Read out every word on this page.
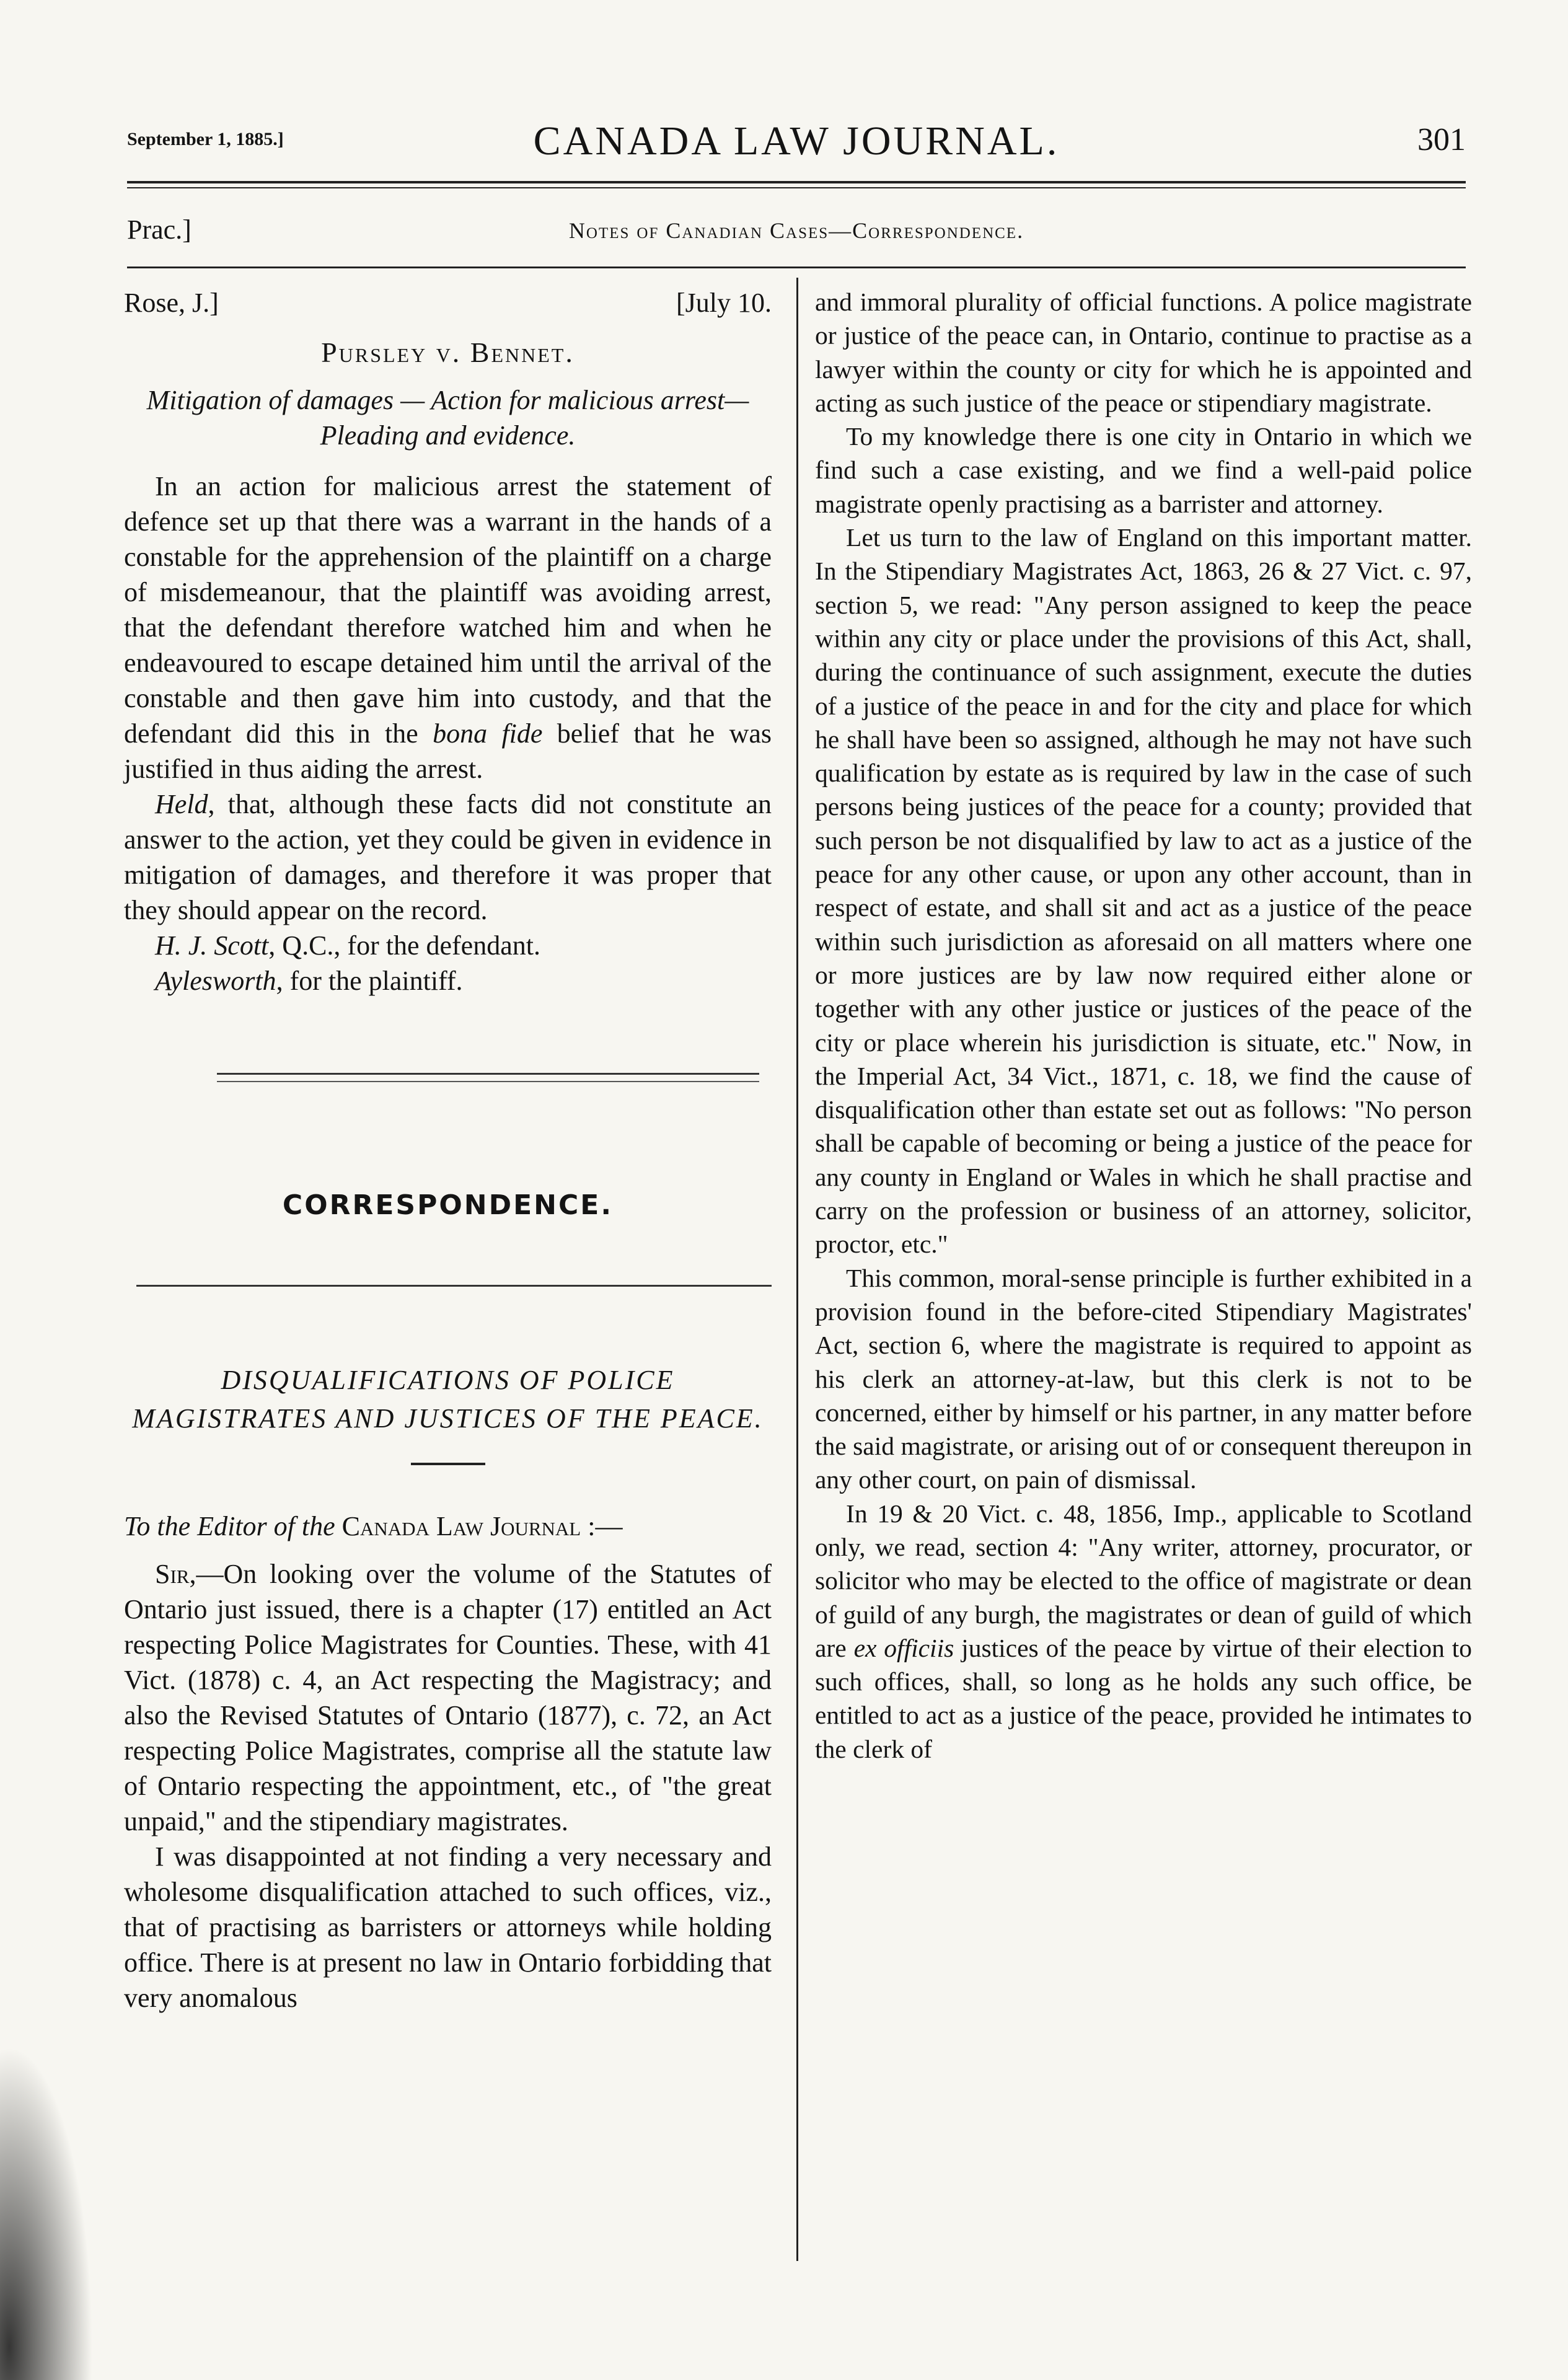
September 1, 1885.]	CANADA LAW JOURNAL.	301
Prac.]	Notes of Canadian Cases—Correspondence.
Rose, J.]	[July 10.
Pursley v. Bennet.
Mitigation of damages — Action for malicious arrest—Pleading and evidence.

In an action for malicious arrest the statement of defence set up that there was a warrant in the hands of a constable for the apprehension of the plaintiff on a charge of misdemeanour, that the plaintiff was avoiding arrest, that the defendant therefore watched him and when he endeavoured to escape detained him until the arrival of the constable and then gave him into custody, and that the defendant did this in the bona fide belief that he was justified in thus aiding the arrest.

Held, that, although these facts did not constitute an answer to the action, yet they could be given in evidence in mitigation of damages, and therefore it was proper that they should appear on the record.

H. J. Scott, Q.C., for the defendant.

Aylesworth, for the plaintiff.

CORRESPONDENCE.
DISQUALIFICATIONS OF POLICE MAGISTRATES AND JUSTICES OF THE PEACE.

To the Editor of the Canada Law Journal :—

Sir,—On looking over the volume of the Statutes of Ontario just issued, there is a chapter (17) entitled an Act respecting Police Magistrates for Counties. These, with 41 Vict. (1878) c. 4, an Act respecting the Magistracy; and also the Revised Statutes of Ontario (1877), c. 72, an Act respecting Police Magistrates, comprise all the statute law of Ontario respecting the appointment, etc., of "the great unpaid," and the stipendiary magistrates.

I was disappointed at not finding a very necessary and wholesome disqualification attached to such offices, viz., that of practising as barristers or attorneys while holding office. There is at present no law in Ontario forbidding that very anomalous

and immoral plurality of official functions. A police magistrate or justice of the peace can, in Ontario, continue to practise as a lawyer within the county or city for which he is appointed and acting as such justice of the peace or stipendiary magistrate.

To my knowledge there is one city in Ontario in which we find such a case existing, and we find a well-paid police magistrate openly practising as a barrister and attorney.

Let us turn to the law of England on this important matter. In the Stipendiary Magistrates Act, 1863, 26 & 27 Vict. c. 97, section 5, we read: "Any person assigned to keep the peace within any city or place under the provisions of this Act, shall, during the continuance of such assignment, execute the duties of a justice of the peace in and for the city and place for which he shall have been so assigned, although he may not have such qualification by estate as is required by law in the case of such persons being justices of the peace for a county; provided that such person be not disqualified by law to act as a justice of the peace for any other cause, or upon any other account, than in respect of estate, and shall sit and act as a justice of the peace within such jurisdiction as aforesaid on all matters where one or more justices are by law now required either alone or together with any other justice or justices of the peace of the city or place wherein his jurisdiction is situate, etc." Now, in the Imperial Act, 34 Vict., 1871, c. 18, we find the cause of disqualification other than estate set out as follows: "No person shall be capable of becoming or being a justice of the peace for any county in England or Wales in which he shall practise and carry on the profession or business of an attorney, solicitor, proctor, etc."

This common, moral-sense principle is further exhibited in a provision found in the before-cited Stipendiary Magistrates' Act, section 6, where the magistrate is required to appoint as his clerk an attorney-at-law, but this clerk is not to be concerned, either by himself or his partner, in any matter before the said magistrate, or arising out of or consequent thereupon in any other court, on pain of dismissal.

In 19 & 20 Vict. c. 48, 1856, Imp., applicable to Scotland only, we read, section 4: "Any writer, attorney, procurator, or solicitor who may be elected to the office of magistrate or dean of guild of any burgh, the magistrates or dean of guild of which are ex officiis justices of the peace by virtue of their election to such offices, shall, so long as he holds any such office, be entitled to act as a justice of the peace, provided he intimates to the clerk of
